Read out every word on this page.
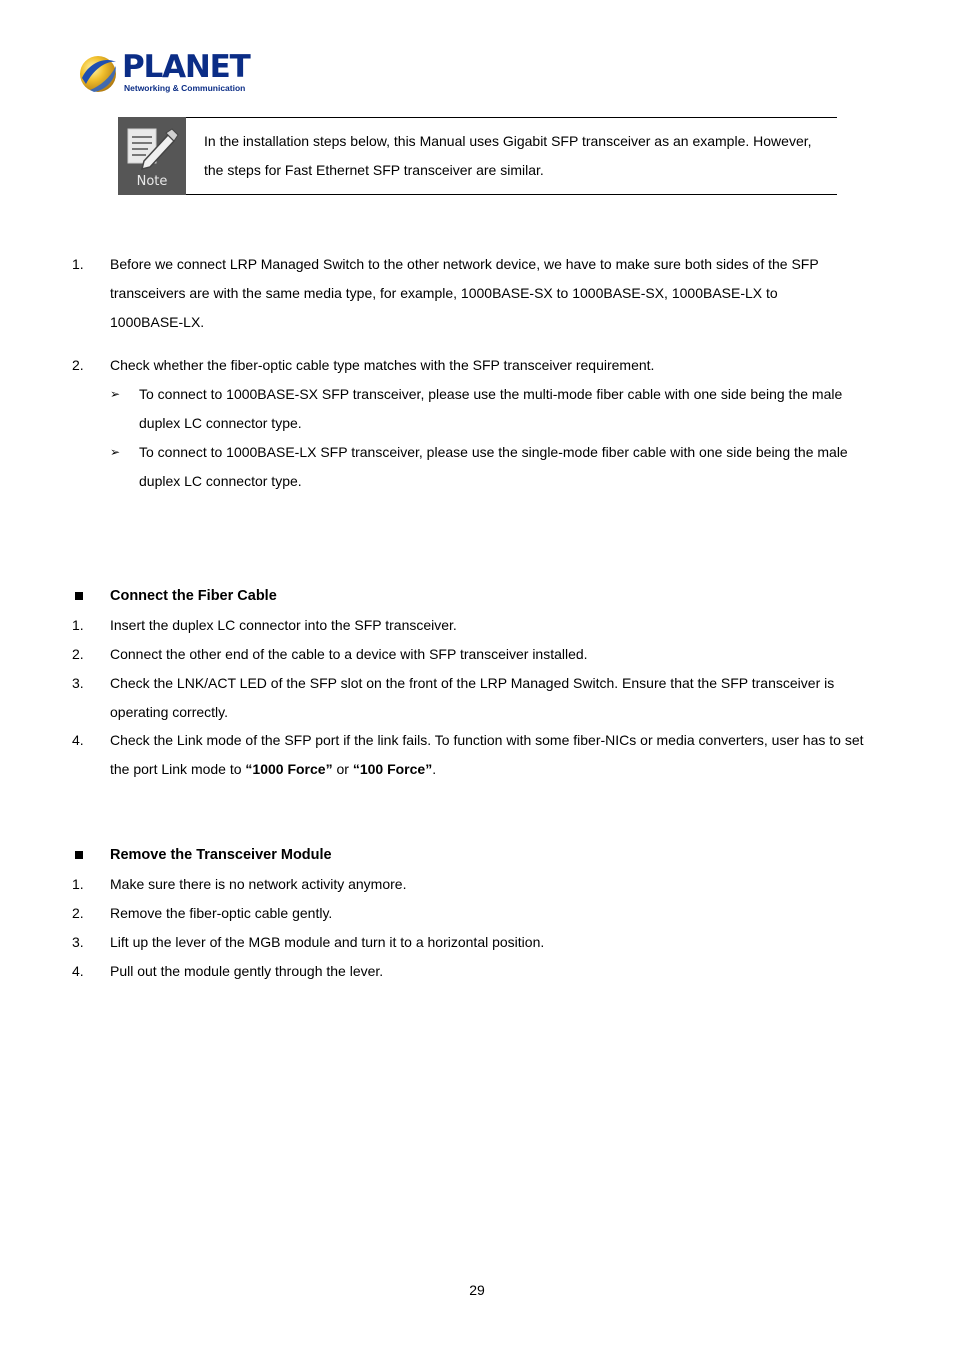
PLANET
Networking & Communication
Note
In the installation steps below, this Manual uses Gigabit SFP transceiver as an example. However,
the steps for Fast Ethernet SFP transceiver are similar.
1. Before we connect LRP Managed Switch to the other network device, we have to make sure both sides of the SFP
transceivers are with the same media type, for example, 1000BASE-SX to 1000BASE-SX, 1000BASE-LX to
1000BASE-LX.
2. Check whether the fiber-optic cable type matches with the SFP transceiver requirement.
➢ To connect to 1000BASE-SX SFP transceiver, please use the multi-mode fiber cable with one side being the male
duplex LC connector type.
➢ To connect to 1000BASE-LX SFP transceiver, please use the single-mode fiber cable with one side being the male
duplex LC connector type.
Connect the Fiber Cable
1. Insert the duplex LC connector into the SFP transceiver.
2. Connect the other end of the cable to a device with SFP transceiver installed.
3. Check the LNK/ACT LED of the SFP slot on the front of the LRP Managed Switch. Ensure that the SFP transceiver is
operating correctly.
4. Check the Link mode of the SFP port if the link fails. To function with some fiber-NICs or media converters, user has to set
the port Link mode to “1000 Force” or “100 Force”.
Remove the Transceiver Module
1. Make sure there is no network activity anymore.
2. Remove the fiber-optic cable gently.
3. Lift up the lever of the MGB module and turn it to a horizontal position.
4. Pull out the module gently through the lever.
29
